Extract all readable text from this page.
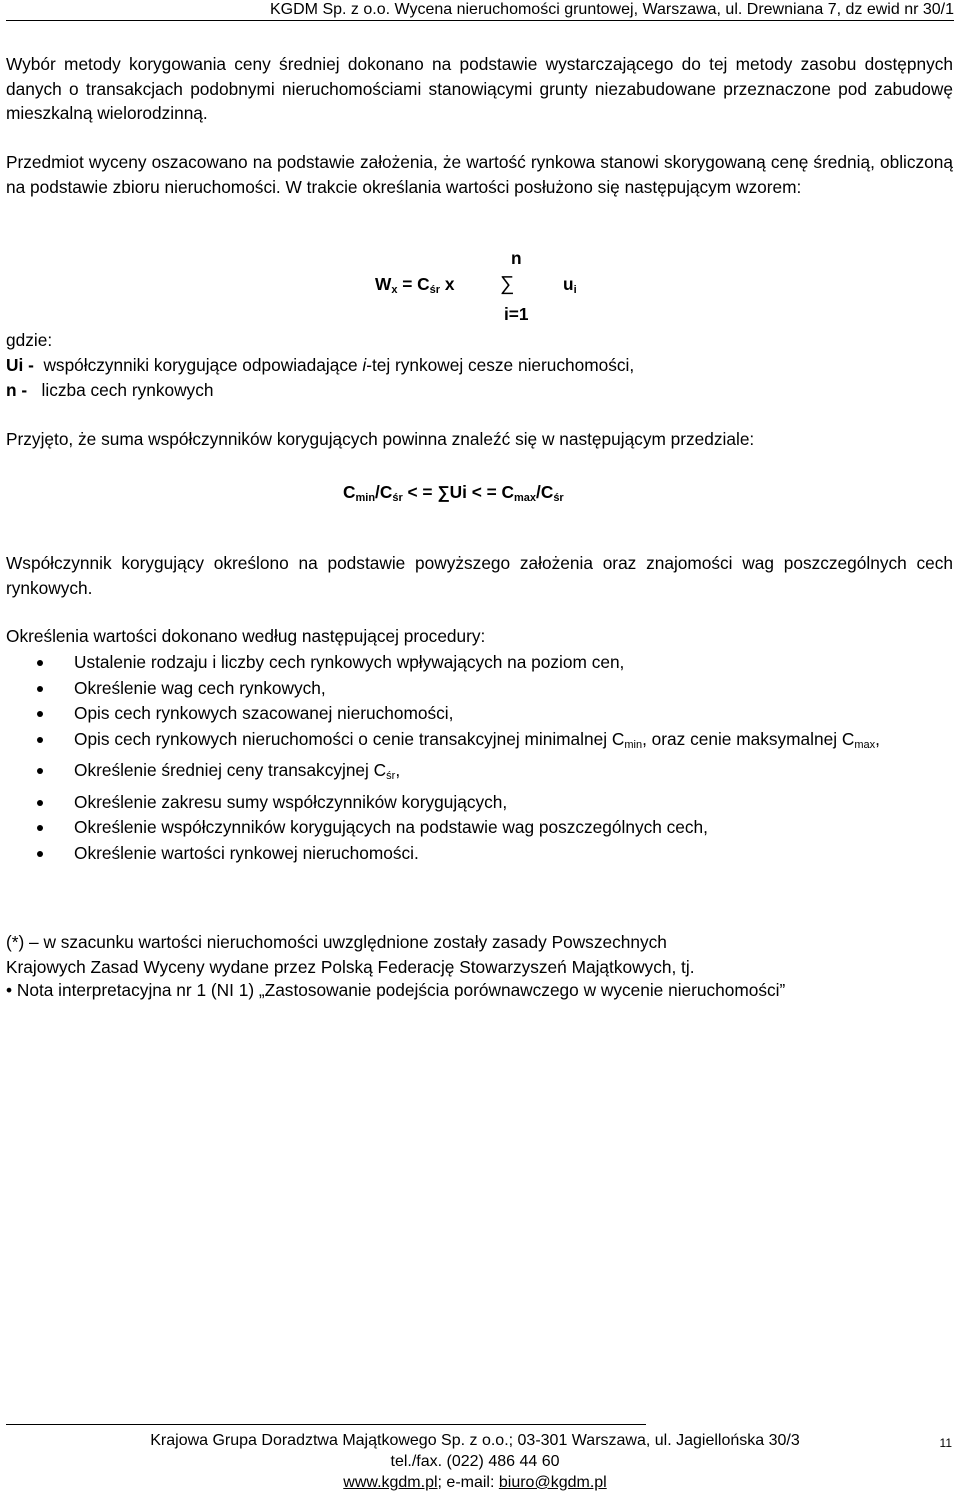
KGDM Sp. z o.o. Wycena nieruchomości gruntowej, Warszawa, ul. Drewniana 7, dz ewid nr 30/1

Wybór metody korygowania ceny średniej dokonano na podstawie wystarczającego do tej metody zasobu dostępnych danych o transakcjach podobnymi nieruchomościami stanowiącymi grunty niezabudowane przeznaczone pod zabudowę mieszkalną wielorodzinną.

Przedmiot wyceny oszacowano na podstawie założenia, że wartość rynkowa stanowi skorygowaną cenę średnią, obliczoną na podstawie zbioru nieruchomości. W trakcie określania wartości posłużono się następującym wzorem:

$W_x = C_{śr}$ x
n
∑
i=1
$u_i$

gdzie:

Ui - współczynniki korygujące odpowiadające i-tej rynkowej cesze nieruchomości,

n - liczba cech rynkowych

Przyjęto, że suma współczynników korygujących powinna znaleźć się w następującym przedziale:

$C_{min}/C_{śr}$ < = ∑Ui < = $C_{max}/C_{śr}$

Współczynnik korygujący określono na podstawie powyższego założenia oraz znajomości wag poszczególnych cech rynkowych.

Określenia wartości dokonano według następującej procedury:

Ustalenie rodzaju i liczby cech rynkowych wpływających na poziom cen,
Określenie wag cech rynkowych,
Opis cech rynkowych szacowanej nieruchomości,
Opis cech rynkowych nieruchomości o cenie transakcyjnej minimalnej $C_{min}$, oraz cenie maksymalnej $C_{max}$,
Określenie średniej ceny transakcyjnej $C_{śr}$,
Określenie zakresu sumy współczynników korygujących,
Określenie współczynników korygujących na podstawie wag poszczególnych cech,
Określenie wartości rynkowej nieruchomości.

(*) – w szacunku wartości nieruchomości uwzględnione zostały zasady Powszechnych

Krajowych Zasad Wyceny wydane przez Polską Federację Stowarzyszeń Majątkowych, tj.

• Nota interpretacyjna nr 1 (NI 1) „Zastosowanie podejścia porównawczego w wycenie nieruchomości”

Krajowa Grupa Doradztwa Majątkowego Sp. z o.o.; 03-301 Warszawa, ul. Jagiellońska 30/3
tel./fax. (022) 486 44 60
www.kgdm.pl; e-mail: biuro@kgdm.pl
11
